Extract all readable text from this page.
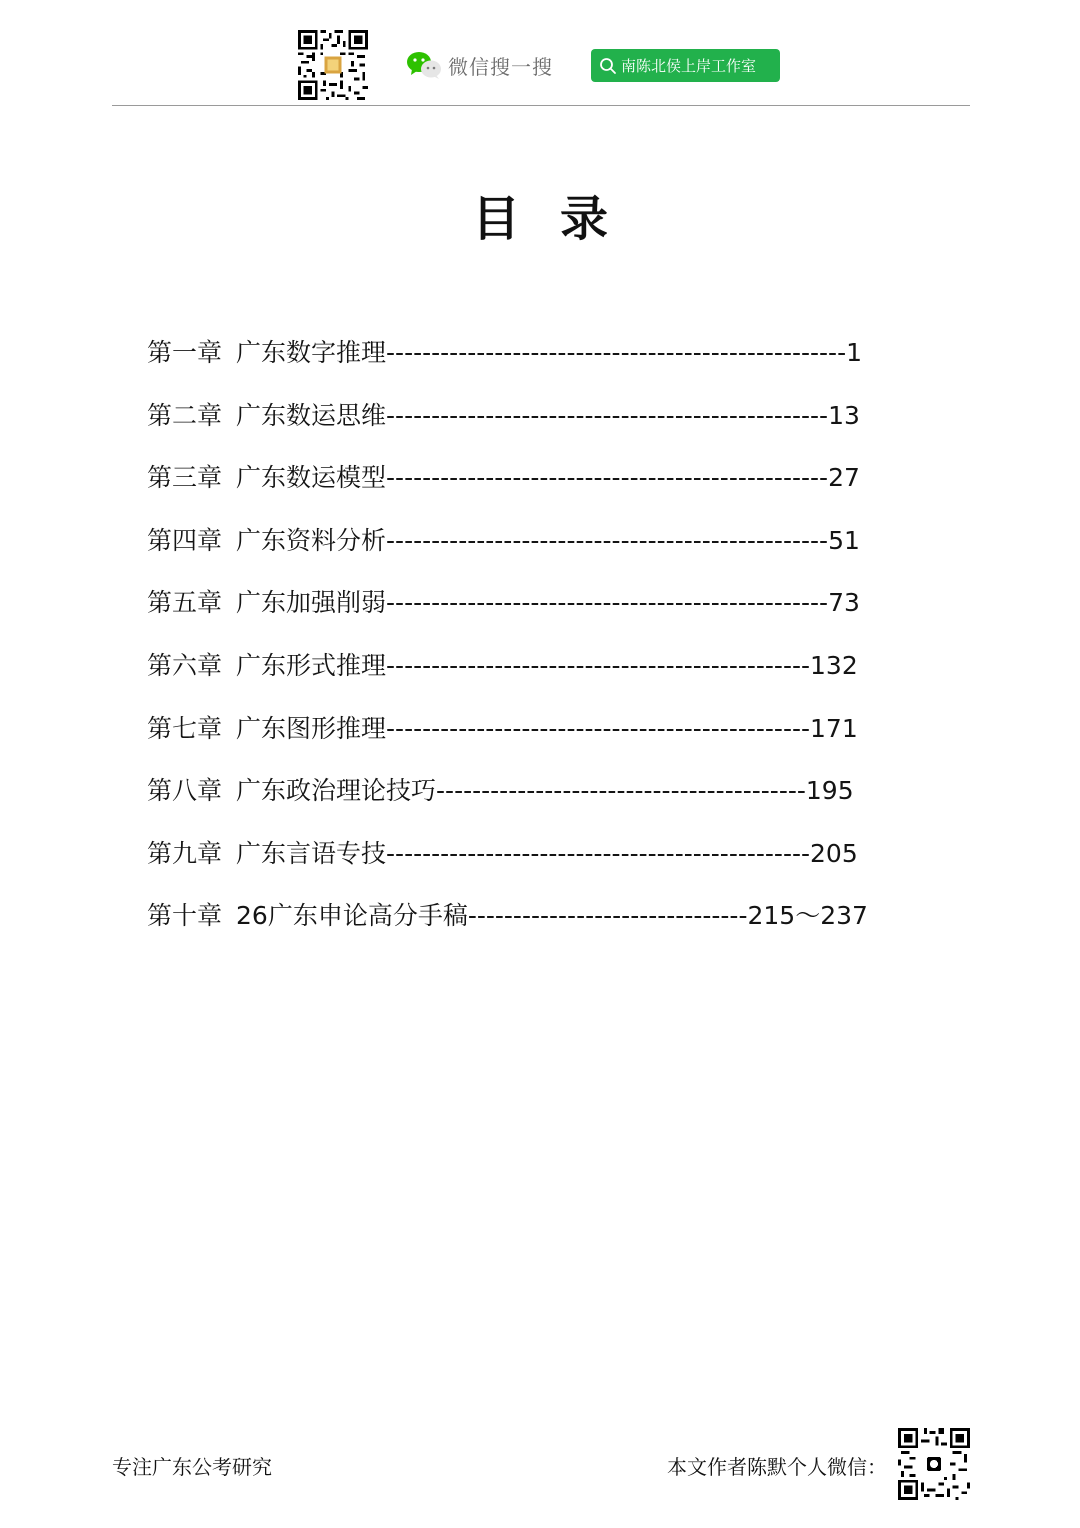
微信搜一搜	南陈北侯上岸工作室
目录
第一章 广东数字推理 --------------------------------------------------- 1
第二章 广东数运思维 ------------------------------------------------- 13
第三章 广东数运模型 ------------------------------------------------- 27
第四章 广东资料分析 ------------------------------------------------- 51
第五章 广东加强削弱 ------------------------------------------------- 73
第六章 广东形式推理 ----------------------------------------------- 132
第七章 广东图形推理 ----------------------------------------------- 171
第八章 广东政治理论技巧 ----------------------------------------- 195
第九章 广东言语专技 ----------------------------------------------- 205
第十章 26广东申论高分手稿 ------------------------------- 215～237
专注广东公考研究	本文作者陈默个人微信：
